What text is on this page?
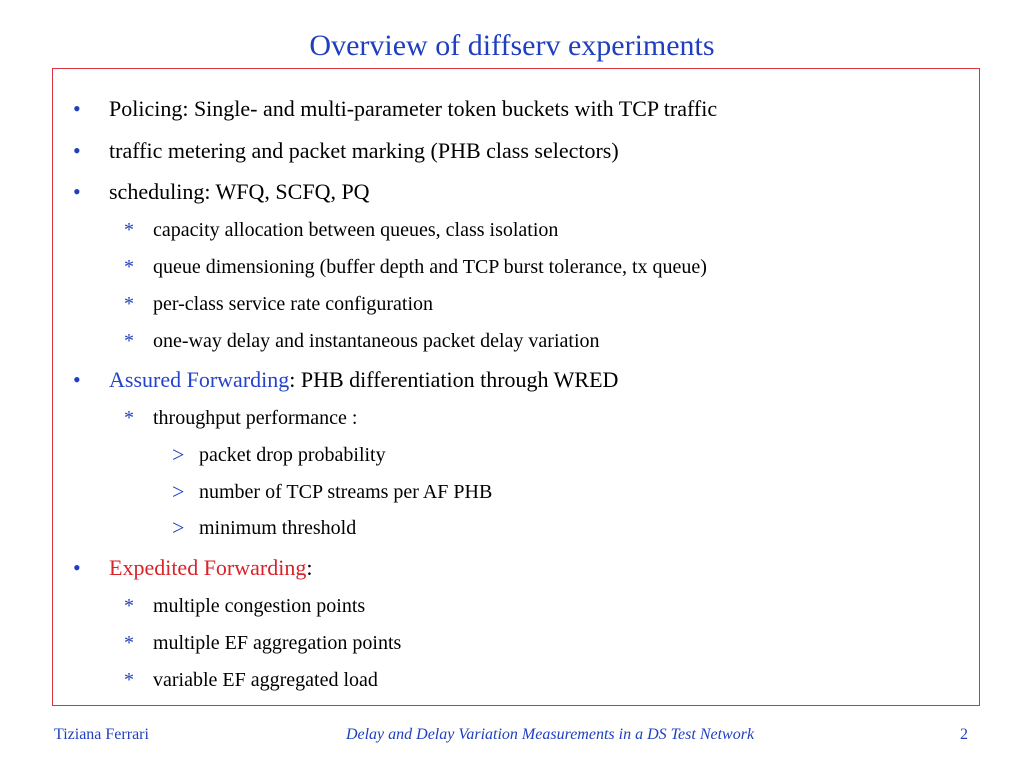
Overview of diffserv experiments
• Policing: Single- and multi-parameter token buckets with TCP traffic
• traffic metering and packet marking (PHB class selectors)
• scheduling: WFQ, SCFQ, PQ
* capacity allocation between queues, class isolation
* queue dimensioning (buffer depth and TCP burst tolerance, tx queue)
* per-class service rate configuration
* one-way delay and instantaneous packet delay variation
• Assured Forwarding: PHB differentiation through WRED
* throughput performance :
> packet drop probability
> number of TCP streams per AF PHB
> minimum threshold
• Expedited Forwarding:
* multiple congestion points
* multiple EF aggregation points
* variable EF aggregated load
Tiziana Ferrari	Delay and Delay Variation Measurements in a DS Test Network	2
